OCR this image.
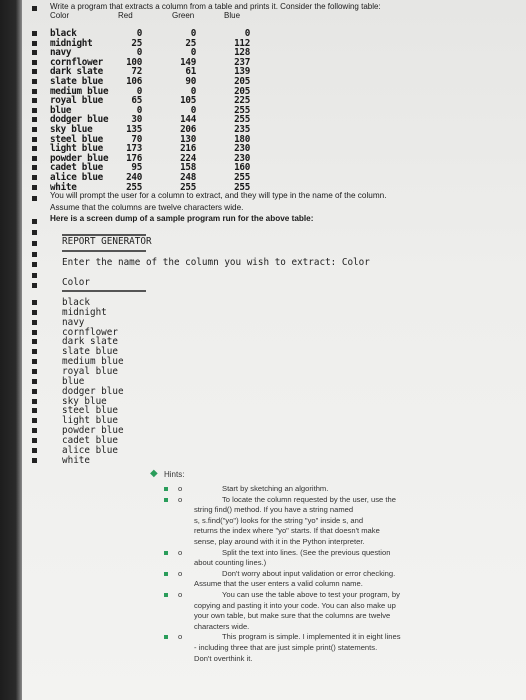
Write a program that extracts a column from a table and prints it. Consider the following table:
Color	Red	Green	Blue
black	0	0	0
midnight	25	25	112
navy	0	0	128
cornflower	100	149	237
dark slate	72	61	139
slate blue	106	90	205
medium blue	0	0	205
royal blue	65	105	225
blue	0	0	255
dodger blue	30	144	255
sky blue	135	206	235
steel blue	70	130	180
light blue	173	216	230
powder blue	176	224	230
cadet blue	95	158	160
alice blue	240	248	255
white	255	255	255
You will prompt the user for a column to extract, and they will type in the name of the column.
Assume that the columns are twelve characters wide.
Here is a screen dump of a sample program run for the above table:
REPORT GENERATOR
Enter the name of the column you wish to extract: Color
Color
black
midnight
navy
cornflower
dark slate
slate blue
medium blue
royal blue
blue
dodger blue
sky blue
steel blue
light blue
powder blue
cadet blue
alice blue
white
◆ Hints:
o	Start by sketching an algorithm.
o	To locate the column requested by the user, use the
string find() method. If you have a string named
s, s.find("yo") looks for the string "yo" inside s, and
returns the index where "yo" starts. If that doesn't make
sense, play around with it in the Python interpreter.
o	Split the text into lines. (See the previous question
about counting lines.)
o	Don't worry about input validation or error checking.
Assume that the user enters a valid column name.
o	You can use the table above to test your program, by
copying and pasting it into your code. You can also make up
your own table, but make sure that the columns are twelve
characters wide.
o	This program is simple. I implemented it in eight lines
- including three that are just simple print() statements.
Don't overthink it.
